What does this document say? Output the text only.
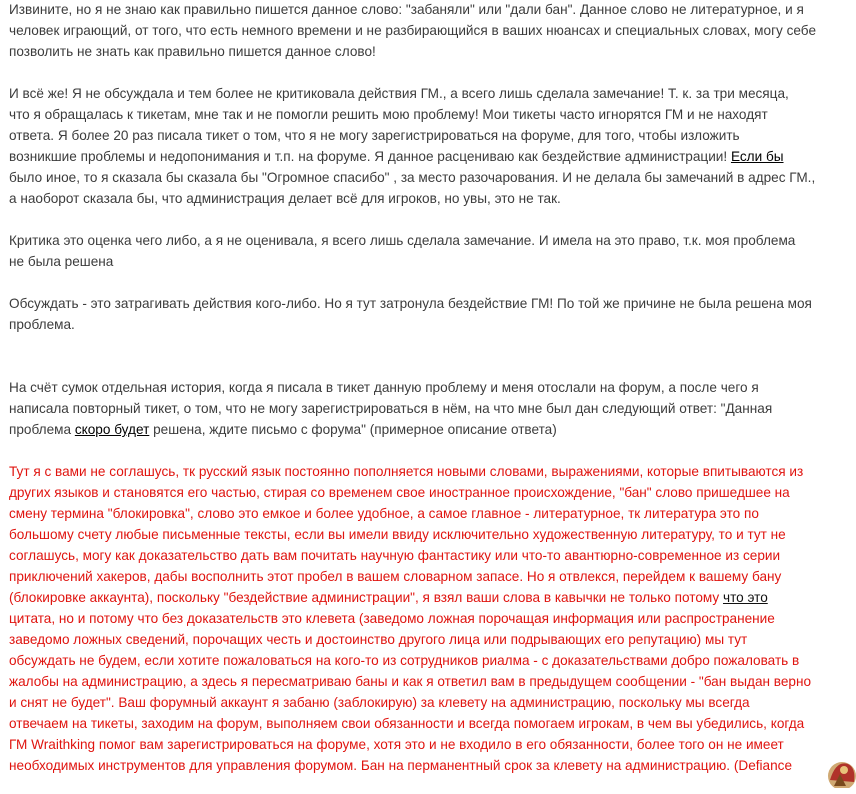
Извините, но я не знаю как правильно пишется данное слово: "забаняли" или "дали бан". Данное слово не литературное, и я
человек играющий, от того, что есть немного времени и не разбирающийся в ваших нюансах и специальных словах, могу себе
позволить не знать как правильно пишется данное слово!
И всё же! Я не обсуждала и тем более не критиковала действия ГМ., а всего лишь сделала замечание! Т. к. за три месяца,
что я обращалась к тикетам, мне так и не помогли решить мою проблему! Мои тикеты часто игнорятся ГМ и не находят
ответа. Я более 20 раз писала тикет о том, что я не могу зарегистрироваться на форуме, для того, чтобы изложить
возникшие проблемы и недопонимания и т.п. на форуме. Я данное расцениваю как бездействие администрации! Если бы
было иное, то я сказала бы сказала бы "Огромное спасибо" , за место разочарования. И не делала бы замечаний в адрес ГМ.,
а наоборот сказала бы, что администрация делает всё для игроков, но увы, это не так.
Критика это оценка чего либо, а я не оценивала, я всего лишь сделала замечание. И имела на это право, т.к. моя проблема
не была решена
Обсуждать - это затрагивать действия кого-либо. Но я тут затронула бездействие ГМ! По той же причине не была решена моя
проблема.
На счёт сумок отдельная история, когда я писала в тикет данную проблему и меня отослали на форум, а после чего я
написала повторный тикет, о том, что не могу зарегистрироваться в нём, на что мне был дан следующий ответ: "Данная
проблема скоро будет решена, ждите письмо с форума" (примерное описание ответа)
Тут я с вами не соглашусь, тк русский язык постоянно пополняется новыми словами, выражениями, которые впитываются из
других языков и становятся его частью, стирая со временем свое иностранное происхождение, "бан" слово пришедшее на
смену термина "блокировка", слово это емкое и более удобное, а самое главное - литературное, тк литература это по
большому счету любые письменные тексты, если вы имели ввиду исключительно художественную литературу, то и тут не
соглашусь, могу как доказательство дать вам почитать научную фантастику или что-то авантюрно-современное из серии
приключений хакеров, дабы восполнить этот пробел в вашем словарном запасе. Но я отвлекся, перейдем к вашему бану
(блокировке аккаунта), поскольку "бездействие администрации", я взял ваши слова в кавычки не только потому что это
цитата, но и потому что без доказательств это клевета (заведомо ложная порочащая информация или распространение
заведомо ложных сведений, порочащих честь и достоинство другого лица или подрывающих его репутацию) мы тут
обсуждать не будем, если хотите пожаловаться на кого-то из сотрудников риалма - с доказательствами добро пожаловать в
жалобы на администрацию, а здесь я пересматриваю баны и как я ответил вам в предыдущем сообщении - "бан выдан верно
и снят не будет". Ваш форумный аккаунт я забаню (заблокирую) за клевету на администрацию, поскольку мы всегда
отвечаем на тикеты, заходим на форум, выполняем свои обязанности и всегда помогаем игрокам, в чем вы убедились, когда
ГМ Wraithking помог вам зарегистрироваться на форуме, хотя это и не входило в его обязанности, более того он не имеет
необходимых инструментов для управления форумом. Бан на перманентный срок за клевету на администрацию. (Defiance
